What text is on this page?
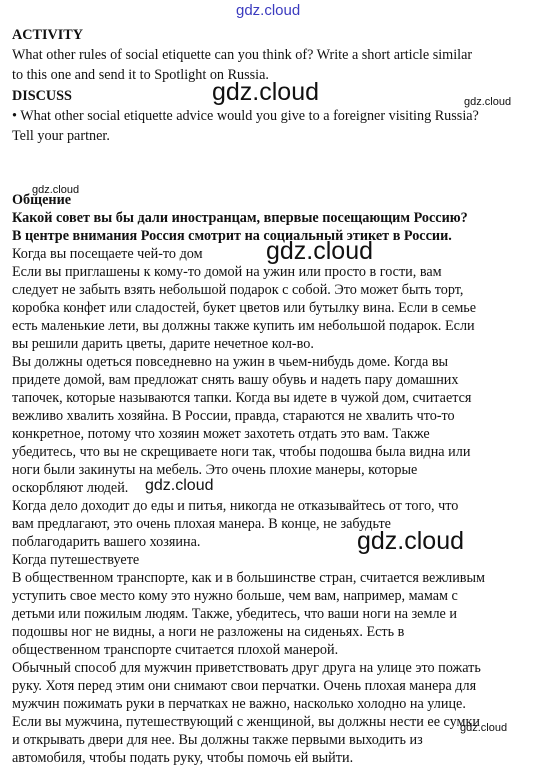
ACTIVITY

What other rules of social etiquette can you think of? Write a short article similar

to this one and send it to Spotlight on Russia.

DISCUSS

• What other social etiquette advice would you give to a foreigner visiting Russia?

Tell your partner.

Общение

Какой совет вы бы дали иностранцам, впервые посещающим Россию?

В центре внимания Россия смотрит на социальный этикет в России.

Когда вы посещаете чей-то дом

Если вы приглашены к кому-то домой на ужин или просто в гости, вам

следует не забыть взять небольшой подарок с собой. Это может быть торт,

коробка конфет или сладостей, букет цветов или бутылку вина. Если в семье

есть маленькие лети, вы должны также купить им небольшой подарок. Если

вы решили дарить цветы, дарите нечетное кол-во.

Вы должны одеться повседневно на ужин в чьем-нибудь доме. Когда вы

придете домой, вам предложат снять вашу обувь и надеть пару домашних

тапочек, которые называются тапки. Когда вы идете в чужой дом, считается

вежливо хвалить хозяйна. В России, правда, стараются не хвалить что-то

конкретное, потому что хозяин может захотеть отдать это вам. Также

убедитесь, что вы не скрещиваете ноги так, чтобы подошва была видна или

ноги были закинуты на мебель. Это очень плохие манеры, которые

оскорбляют людей.

Когда дело доходит до еды и питья, никогда не отказывайтесь от того, что

вам предлагают, это очень плохая манера. В конце, не забудьте

поблагодарить вашего хозяина.

Когда путешествуете

В общественном транспорте, как и в большинстве стран, считается вежливым

уступить свое место кому это нужно больше, чем вам, например, мамам с

детьми или пожилым людям. Также, убедитесь, что ваши ноги на земле и

подошвы ног не видны, а ноги не разложены на сиденьях. Есть в

общественном транспорте считается плохой манерой.

Обычный способ для мужчин приветствовать друг друга на улице это пожать

руку. Хотя перед этим они снимают свои перчатки. Очень плохая манера для

мужчин пожимать руки в перчатках не важно, насколько холодно на улице.

Если вы мужчина, путешествующий с женщиной, вы должны нести ее сумки

и открывать двери для нее. Вы должны также первыми выходить из

автомобиля, чтобы подать руку, чтобы помочь ей выйти.

gdz.cloud
gdz.cloud	gdz.cloud
gdz.cloud
gdz.cloud
gdz.cloud
gdz.cloud
gdz.cloud
